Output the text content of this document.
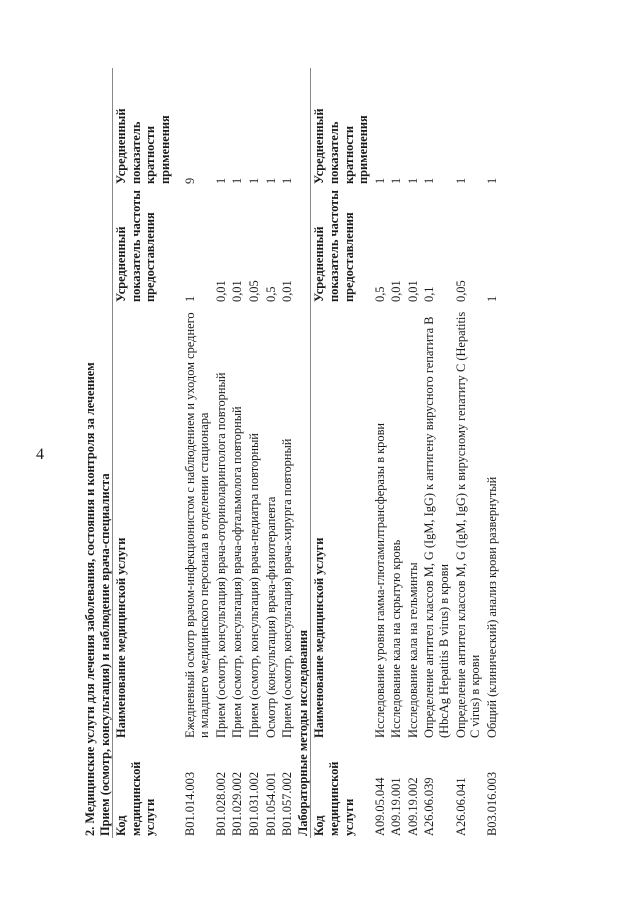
4	2. Медицинские услуги для лечения заболевания, состояния и контроля за лечением Прием (осмотр, консультация) и наблюдение врача-специалиста Код медицинской услуги	Наименование медицинской услуги	Усредненный показатель частоты предоставления	Усредненный показатель кратности применения

B01.014.003	Ежедневный осмотр врачом-инфекционистом с наблюдением и уходом среднего и младшего медицинского персонала в отделении стационара	1	9
B01.028.002	Прием (осмотр, консультация) врача-оториноларинголога повторный	0,01	1
B01.029.002	Прием (осмотр, консультация) врача-офтальмолога повторный	0,01	1
B01.031.002	Прием (осмотр, консультация) врача-педиатра повторный	0,05	1
B01.054.001	Осмотр (консультация) врача-физиотерапевта	0,5	1
B01.057.002	Прием (осмотр, консультация) врача-хирурга повторный	0,01	1
Лабораторные методы исследования Код медицинской услуги	Наименование медицинской услуги	Усредненный показатель частоты предоставления	Усредненный показатель кратности применения
A09.05.044	Исследование уровня гамма-глютамилтрансферазы в крови	0,5	1
A09.19.001	Исследование кала на скрытую кровь	0,01	1
A09.19.002	Исследование кала на гельминты	0,01	1
A26.06.039	Определение антител классов M, G (IgM, IgG) к антигену вирусного гепатита B (HbcAg Hepatitis B virus) в крови	0,1	1
A26.06.041	Определение антител классов M, G (IgM, IgG) к вирусному гепатиту C (Hepatitis C virus) в крови	0,05	1
B03.016.003	Общий (клинический) анализ крови развернутый	1	1
